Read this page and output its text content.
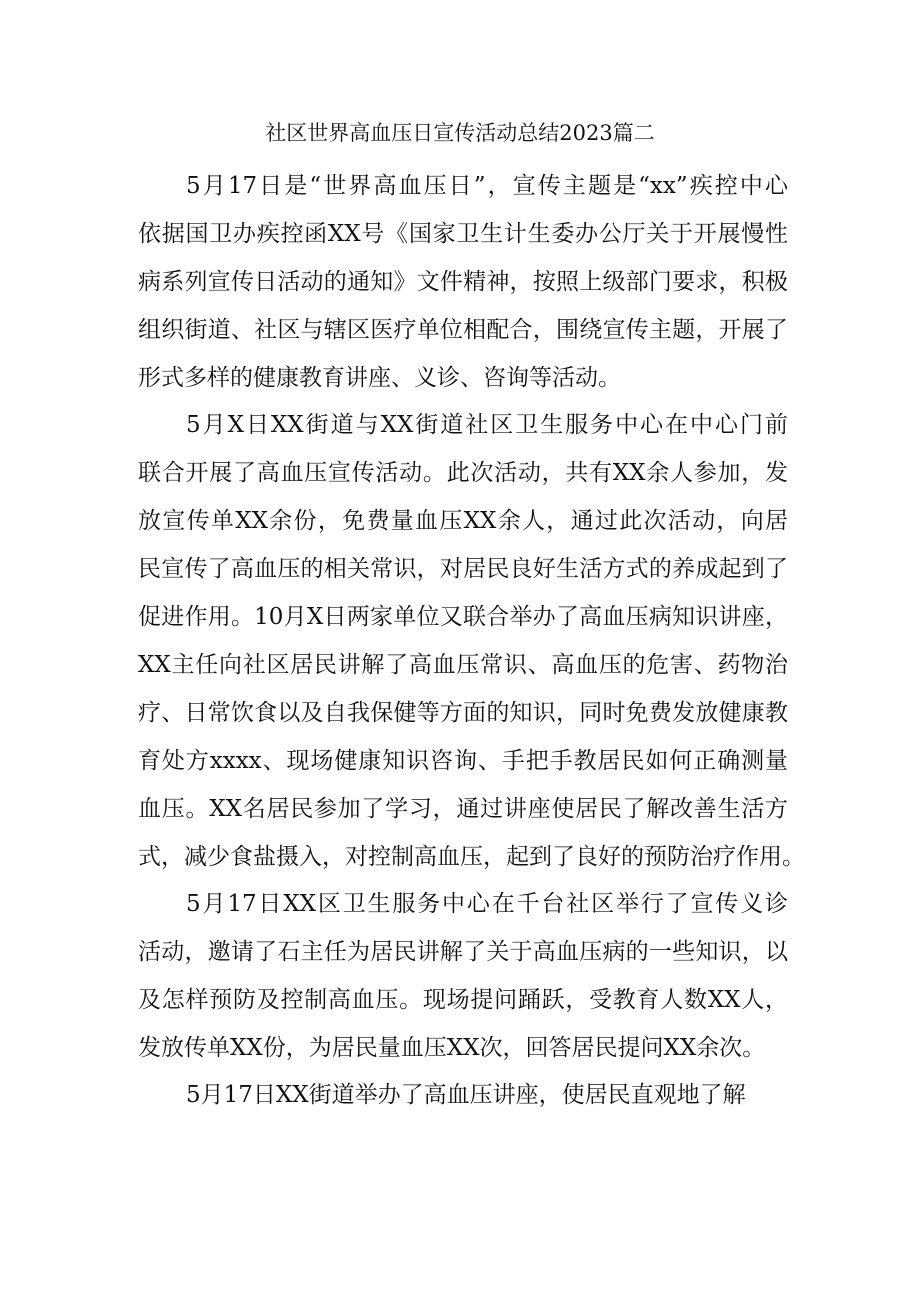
社区世界高血压日宣传活动总结2023篇二
5月17日是“世界高血压日”，宣传主题是“xx”疾控中心
依据国卫办疾控函XX号《国家卫生计生委办公厅关于开展慢性
病系列宣传日活动的通知》文件精神，按照上级部门要求，积极
组织街道、社区与辖区医疗单位相配合，围绕宣传主题，开展了
形式多样的健康教育讲座、义诊、咨询等活动。
5月X日XX街道与XX街道社区卫生服务中心在中心门前
联合开展了高血压宣传活动。此次活动，共有XX余人参加，发
放宣传单XX余份，免费量血压XX余人，通过此次活动，向居
民宣传了高血压的相关常识，对居民良好生活方式的养成起到了
促进作用。10月X日两家单位又联合举办了高血压病知识讲座，
XX主任向社区居民讲解了高血压常识、高血压的危害、药物治
疗、日常饮食以及自我保健等方面的知识，同时免费发放健康教
育处方xxxx、现场健康知识咨询、手把手教居民如何正确测量
血压。XX名居民参加了学习，通过讲座使居民了解改善生活方
式，减少食盐摄入，对控制高血压，起到了良好的预防治疗作用。
5月17日XX区卫生服务中心在千台社区举行了宣传义诊
活动，邀请了石主任为居民讲解了关于高血压病的一些知识，以
及怎样预防及控制高血压。现场提问踊跃，受教育人数XX人，
发放传单XX份，为居民量血压XX次，回答居民提问XX余次。
5月17日XX街道举办了高血压讲座，使居民直观地了解
